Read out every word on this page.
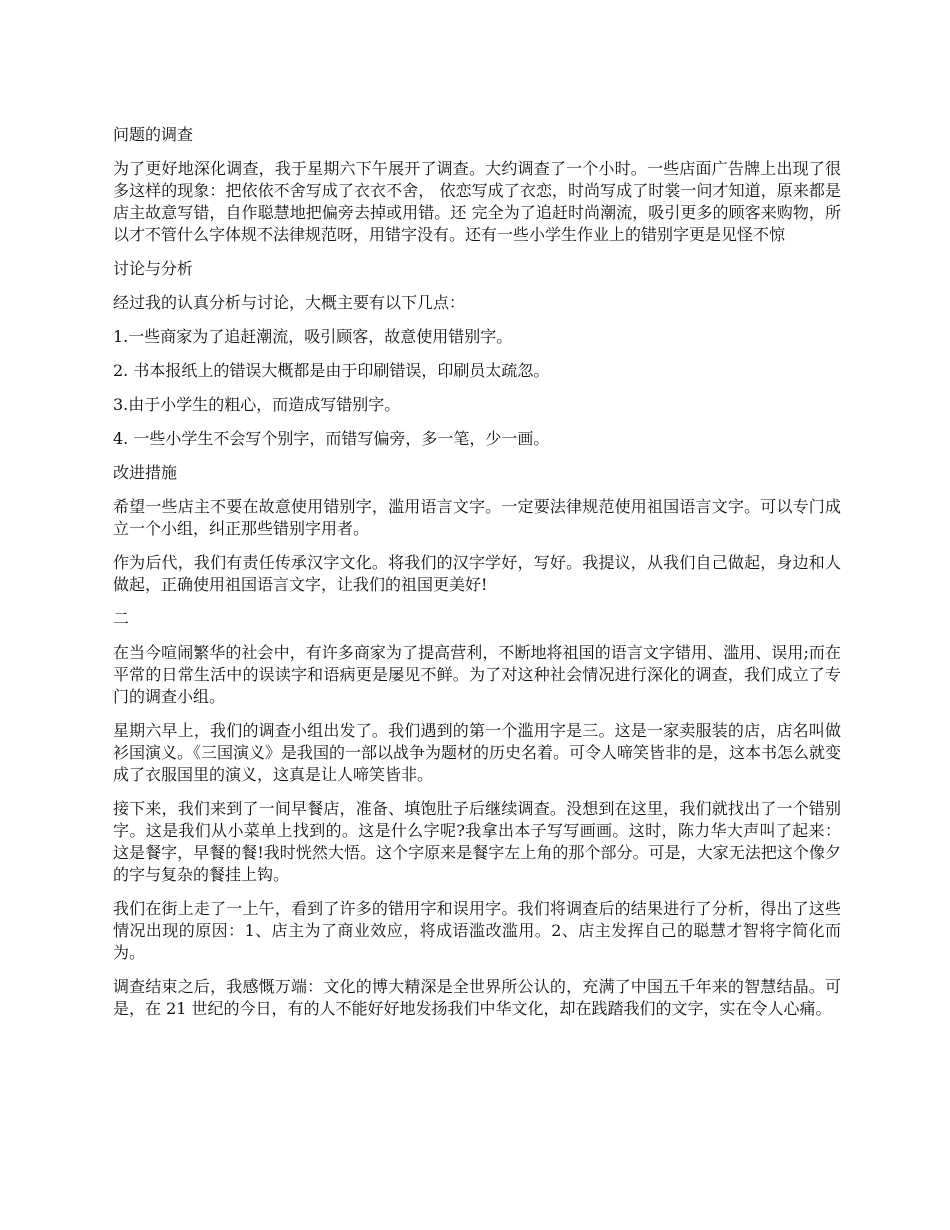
问题的调查

为了更好地深化调查，我于星期六下午展开了调查。大约调查了一个小时。一些店面广告牌上出现了很多这样的现象：把依依不舍写成了衣衣不舍， 依恋写成了衣恋，时尚写成了时裳一问才知道，原来都是店主故意写错，自作聪慧地把偏旁去掉或用错。还 完全为了追赶时尚潮流，吸引更多的顾客来购物，所以才不管什么字体规不法律规范呀，用错字没有。还有一些小学生作业上的错别字更是见怪不惊

讨论与分析

经过我的认真分析与讨论，大概主要有以下几点：

1.一些商家为了追赶潮流，吸引顾客，故意使用错别字。

2. 书本报纸上的错误大概都是由于印刷错误，印刷员太疏忽。

3.由于小学生的粗心，而造成写错别字。

4. 一些小学生不会写个别字，而错写偏旁，多一笔，少一画。

改进措施

希望一些店主不要在故意使用错别字，滥用语言文字。一定要法律规范使用祖国语言文字。可以专门成立一个小组，纠正那些错别字用者。

作为后代，我们有责任传承汉字文化。将我们的汉字学好，写好。我提议，从我们自己做起，身边和人做起，正确使用祖国语言文字，让我们的祖国更美好!

二

在当今喧闹繁华的社会中，有许多商家为了提高营利，不断地将祖国的语言文字错用、滥用、误用;而在平常的日常生活中的误读字和语病更是屡见不鲜。为了对这种社会情况进行深化的调查，我们成立了专门的调查小组。

星期六早上，我们的调查小组出发了。我们遇到的第一个滥用字是三。这是一家卖服装的店，店名叫做衫国演义。《三国演义》是我国的一部以战争为题材的历史名着。可令人啼笑皆非的是，这本书怎么就变成了衣服国里的演义，这真是让人啼笑皆非。

接下来，我们来到了一间早餐店，准备、填饱肚子后继续调查。没想到在这里，我们就找出了一个错别字。这是我们从小菜单上找到的。这是什么字呢?我拿出本子写写画画。这时，陈力华大声叫了起来：这是餐字，早餐的餐!我时恍然大悟。这个字原来是餐字左上角的那个部分。可是，大家无法把这个像夕的字与复杂的餐挂上钩。

我们在街上走了一上午，看到了许多的错用字和误用字。我们将调查后的结果进行了分析，得出了这些情况出现的原因：1、店主为了商业效应，将成语滥改滥用。2、店主发挥自己的聪慧才智将字简化而为。

调查结束之后，我感慨万端：文化的博大精深是全世界所公认的，充满了中国五千年来的智慧结晶。可是，在 21 世纪的今日，有的人不能好好地发扬我们中华文化，却在践踏我们的文字，实在令人心痛。
